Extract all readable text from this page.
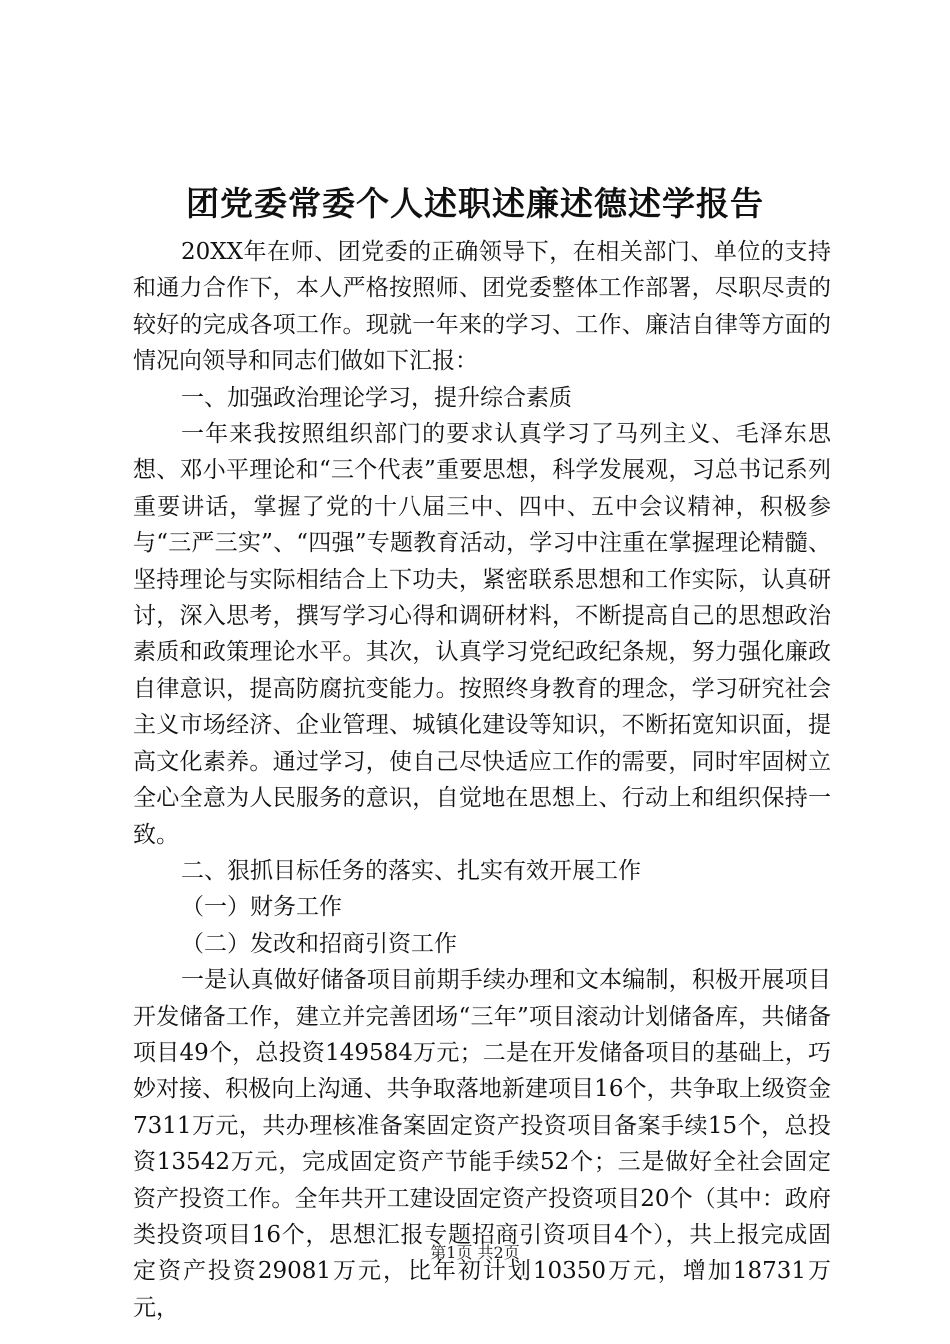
团党委常委个人述职述廉述德述学报告

20XX年在师、团党委的正确领导下，在相关部门、单位的支持和通力合作下，本人严格按照师、团党委整体工作部署，尽职尽责的较好的完成各项工作。现就一年来的学习、工作、廉洁自律等方面的情况向领导和同志们做如下汇报：

一、加强政治理论学习，提升综合素质

一年来我按照组织部门的要求认真学习了马列主义、毛泽东思想、邓小平理论和“三个代表”重要思想，科学发展观，习总书记系列重要讲话，掌握了党的十八届三中、四中、五中会议精神，积极参与“三严三实”、“四强”专题教育活动，学习中注重在掌握理论精髓、坚持理论与实际相结合上下功夫，紧密联系思想和工作实际，认真研讨，深入思考，撰写学习心得和调研材料，不断提高自己的思想政治素质和政策理论水平。其次，认真学习党纪政纪条规，努力强化廉政自律意识，提高防腐抗变能力。按照终身教育的理念，学习研究社会主义市场经济、企业管理、城镇化建设等知识，不断拓宽知识面，提高文化素养。通过学习，使自己尽快适应工作的需要，同时牢固树立全心全意为人民服务的意识，自觉地在思想上、行动上和组织保持一致。

二、狠抓目标任务的落实、扎实有效开展工作

（一）财务工作

（二）发改和招商引资工作

一是认真做好储备项目前期手续办理和文本编制，积极开展项目开发储备工作，建立并完善团场“三年”项目滚动计划储备库，共储备项目49个，总投资149584万元；二是在开发储备项目的基础上，巧妙对接、积极向上沟通、共争取落地新建项目16个，共争取上级资金7311万元，共办理核准备案固定资产投资项目备案手续15个，总投资13542万元，完成固定资产节能手续52个；三是做好全社会固定资产投资工作。全年共开工建设固定资产投资项目20个（其中：政府类投资项目16个，思想汇报专题招商引资项目4个），共上报完成固定资产投资29081万元，比年初计划10350万元，增加18731万元，

第1页 共2页
